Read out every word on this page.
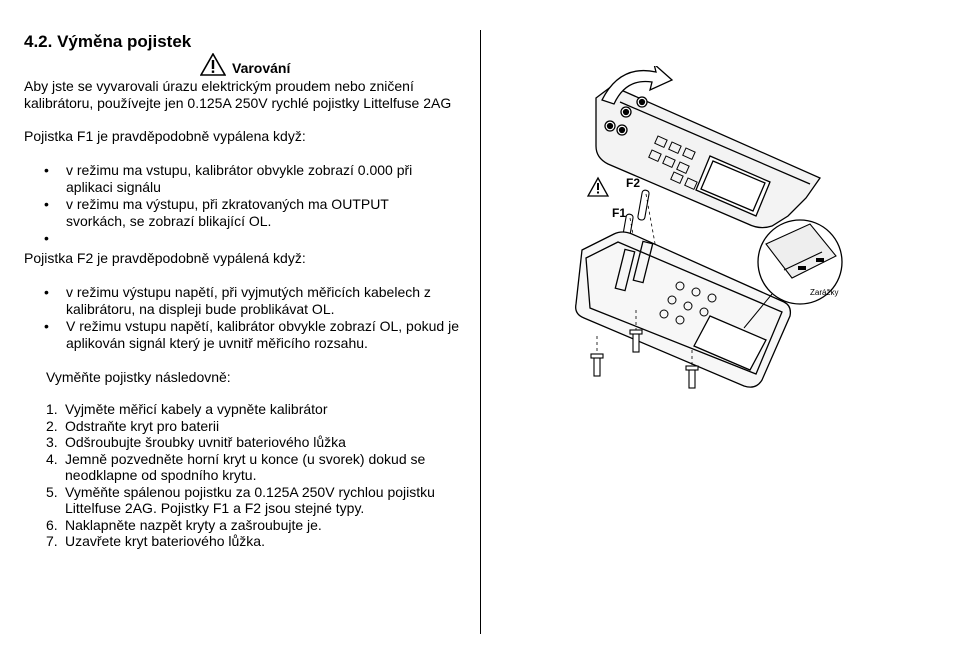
4.2. Výměna pojistek
Varování
Aby jste se vyvarovali úrazu elektrickým proudem nebo zničení kalibrátoru, používejte jen 0.125A 250V rychlé pojistky Littelfuse 2AG
Pojistka F1 je pravděpodobně vypálena když:
• v režimu ma vstupu, kalibrátor obvykle zobrazí 0.000 při aplikaci signálu
• v režimu ma výstupu, při zkratovaných ma OUTPUT svorkách, se zobrazí blikající OL.
•
Pojistka F2 je pravděpodobně vypálená když:
• v režimu výstupu napětí, při vyjmutých měřicích kabelech z kalibrátoru, na displeji bude problikávat OL.
• V režimu vstupu napětí, kalibrátor obvykle zobrazí OL, pokud je aplikován signál který je uvnitř měřicího rozsahu.
Vyměňte pojistky následovně:
1. Vyjměte měřicí kabely a vypněte kalibrátor
2. Odstraňte kryt pro baterii
3. Odšroubujte šroubky uvnitř bateriového lůžka
4. Jemně pozvedněte horní kryt u konce (u svorek) dokud se neodklapne od spodního krytu.
5. Vyměňte spálenou pojistku za 0.125A 250V rychlou pojistku Littelfuse 2AG. Pojistky F1 a F2 jsou stejné typy.
6. Naklapněte nazpět kryty a zašroubujte je.
7. Uzavřete kryt bateriového lůžka.
F2
F1
Zarážky
